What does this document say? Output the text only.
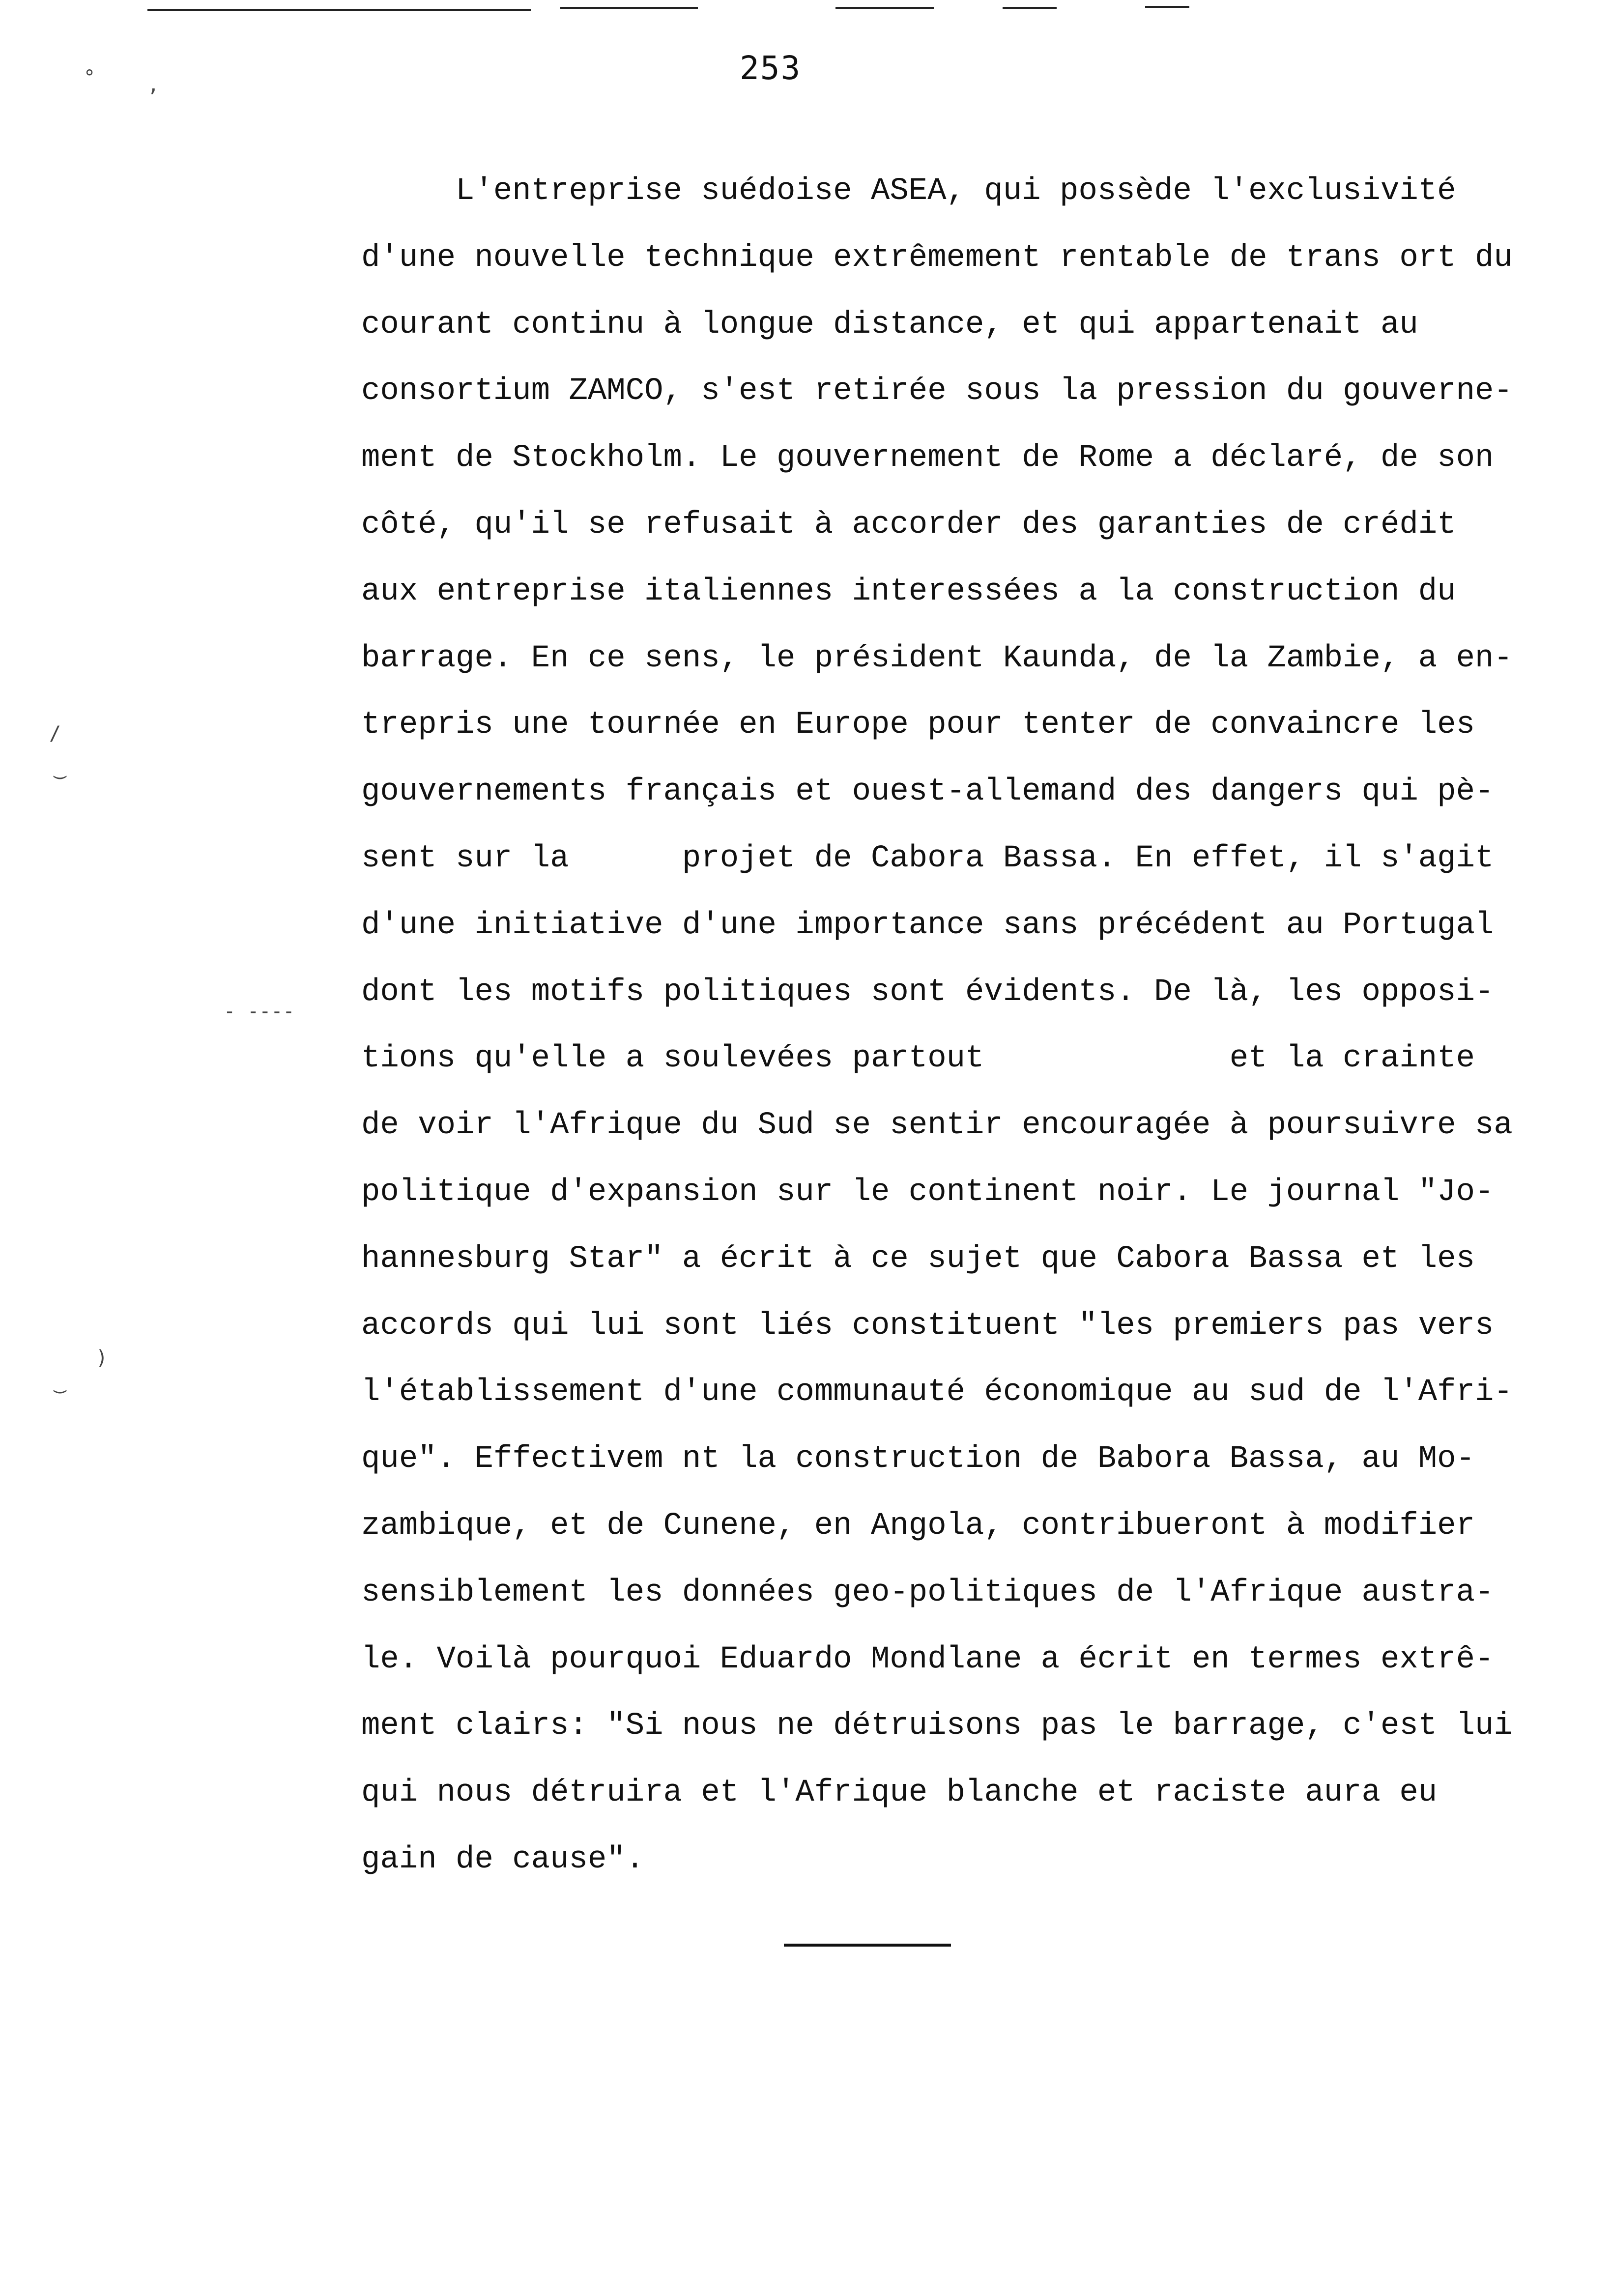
°	,
/
‿
‐ ‐‐‐‐
)
‿
253
L'entreprise suédoise ASEA, qui possède l'exclusivité
d'une nouvelle technique extrêmement rentable de trans ort du
courant continu à longue distance, et qui appartenait au
consortium ZAMCO, s'est retirée sous la pression du gouverne-
ment de Stockholm. Le gouvernement de Rome a déclaré, de son
côté, qu'il se refusait à accorder des garanties de crédit
aux entreprise italiennes interessées a la construction du
barrage. En ce sens, le président Kaunda, de la Zambie, a en-
trepris une tournée en Europe pour tenter de convaincre les
gouvernements français et ouest-allemand des dangers qui pè-
sent sur la      projet de Cabora Bassa. En effet, il s'agit
d'une initiative d'une importance sans précédent au Portugal
dont les motifs politiques sont évidents. De là, les opposi-
tions qu'elle a soulevées partout             et la crainte
de voir l'Afrique du Sud se sentir encouragée à poursuivre sa
politique d'expansion sur le continent noir. Le journal "Jo-
hannesburg Star" a écrit à ce sujet que Cabora Bassa et les
accords qui lui sont liés constituent "les premiers pas vers
l'établissement d'une communauté économique au sud de l'Afri-
que". Effectivem nt la construction de Babora Bassa, au Mo-
zambique, et de Cunene, en Angola, contribueront à modifier
sensiblement les données geo-politiques de l'Afrique austra-
le. Voilà pourquoi Eduardo Mondlane a écrit en termes extrê-
ment clairs: "Si nous ne détruisons pas le barrage, c'est lui
qui nous détruira et l'Afrique blanche et raciste aura eu
gain de cause".
